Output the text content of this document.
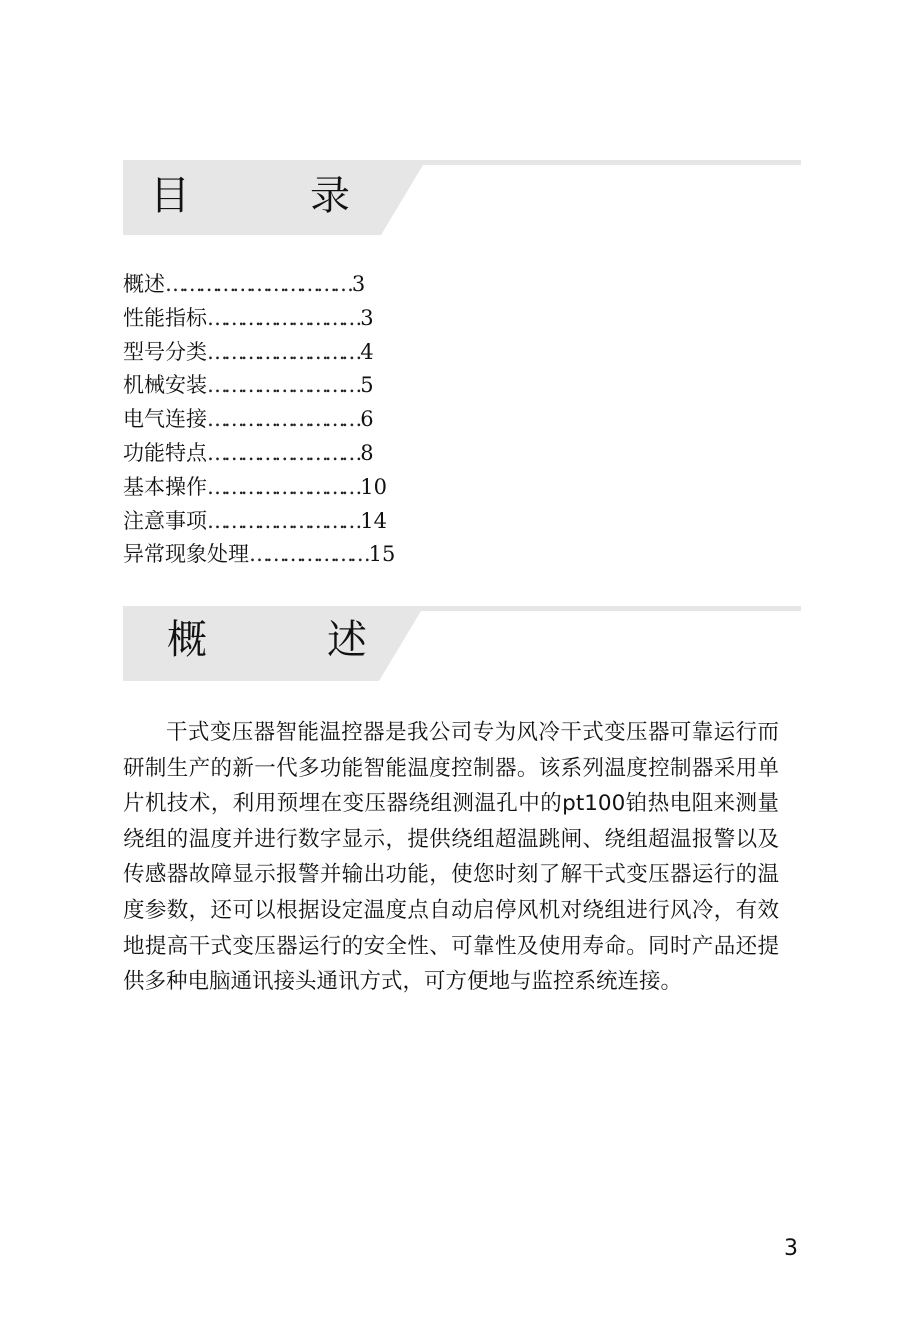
目　录
概述 …………………………… 3
性能指标 ……………………… 3
型号分类 ……………………… 4
机械安装 ……………………… 5
电气连接 ……………………… 6
功能特点 ……………………… 8
基本操作 ……………………… 10
注意事项 ……………………… 14
异常现象处理 ………………… 15
概　述

干式变压器智能温控器是我公司专为风冷干式变压器可靠运行而研制生产的新一代多功能智能温度控制器。该系列温度控制器采用单片机技术，利用预埋在变压器绕组测温孔中的pt100铂热电阻来测量绕组的温度并进行数字显示，提供绕组超温跳闸、绕组超温报警以及传感器故障显示报警并输出功能，使您时刻了解干式变压器运行的温度参数，还可以根据设定温度点自动启停风机对绕组进行风冷，有效地提高干式变压器运行的安全性、可靠性及使用寿命。同时产品还提供多种电脑通讯接头通讯方式，可方便地与监控系统连接。

3
